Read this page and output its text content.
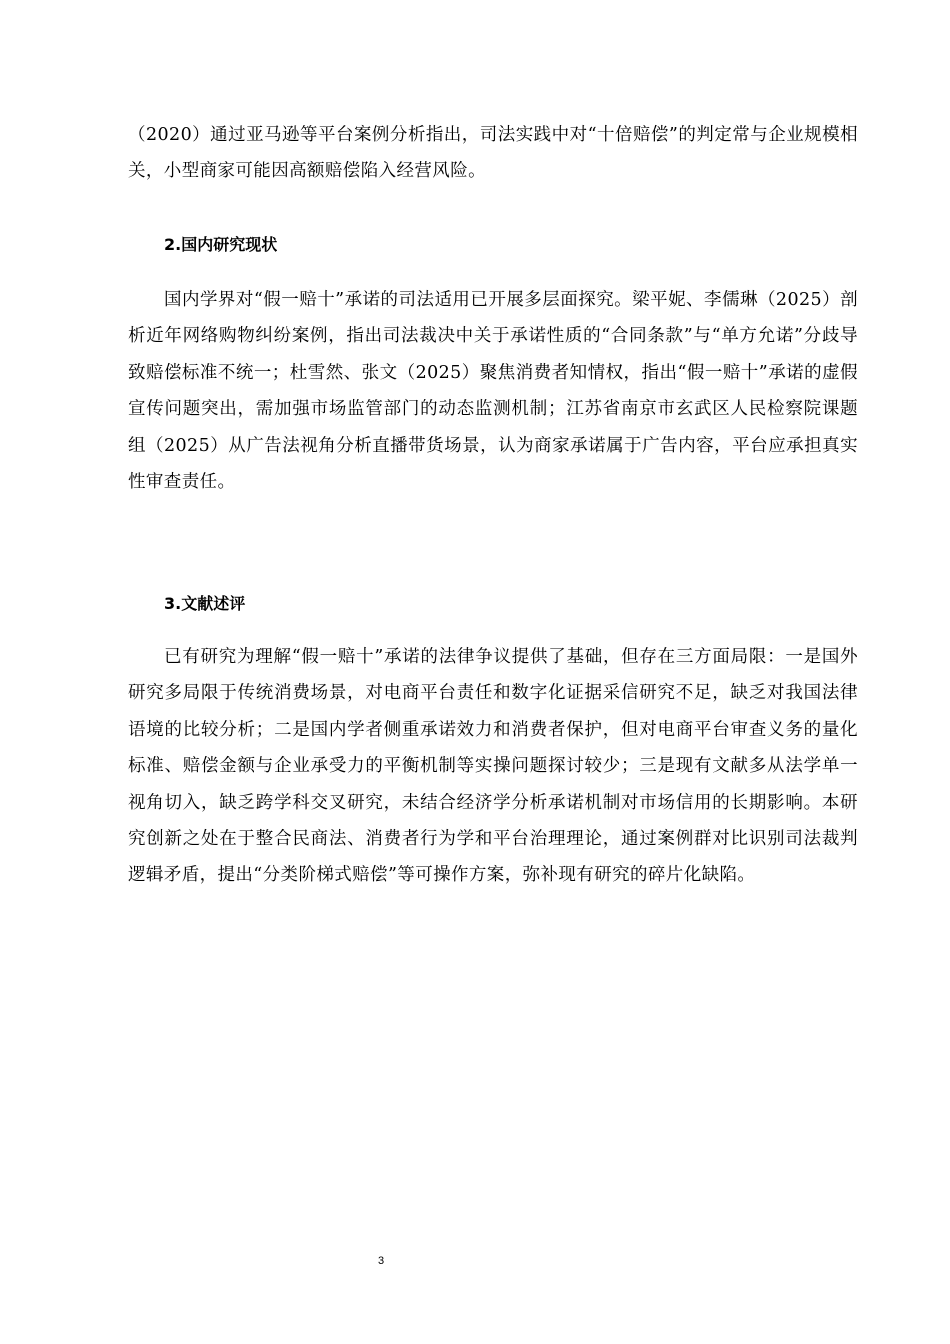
（2020）通过亚马逊等平台案例分析指出，司法实践中对“十倍赔偿”的判定常与企业规模相关，小型商家可能因高额赔偿陷入经营风险。

2.国内研究现状

国内学界对“假一赔十”承诺的司法适用已开展多层面探究。梁平妮、李儒琳（2025）剖析近年网络购物纠纷案例，指出司法裁决中关于承诺性质的“合同条款”与“单方允诺”分歧导致赔偿标准不统一；杜雪然、张文（2025）聚焦消费者知情权，指出“假一赔十”承诺的虚假宣传问题突出，需加强市场监管部门的动态监测机制；江苏省南京市玄武区人民检察院课题组（2025）从广告法视角分析直播带货场景，认为商家承诺属于广告内容，平台应承担真实性审查责任。

3.文献述评

已有研究为理解“假一赔十”承诺的法律争议提供了基础，但存在三方面局限：一是国外研究多局限于传统消费场景，对电商平台责任和数字化证据采信研究不足，缺乏对我国法律语境的比较分析；二是国内学者侧重承诺效力和消费者保护，但对电商平台审查义务的量化标准、赔偿金额与企业承受力的平衡机制等实操问题探讨较少；三是现有文献多从法学单一视角切入，缺乏跨学科交叉研究，未结合经济学分析承诺机制对市场信用的长期影响。本研究创新之处在于整合民商法、消费者行为学和平台治理理论，通过案例群对比识别司法裁判逻辑矛盾，提出“分类阶梯式赔偿”等可操作方案，弥补现有研究的碎片化缺陷。

3
